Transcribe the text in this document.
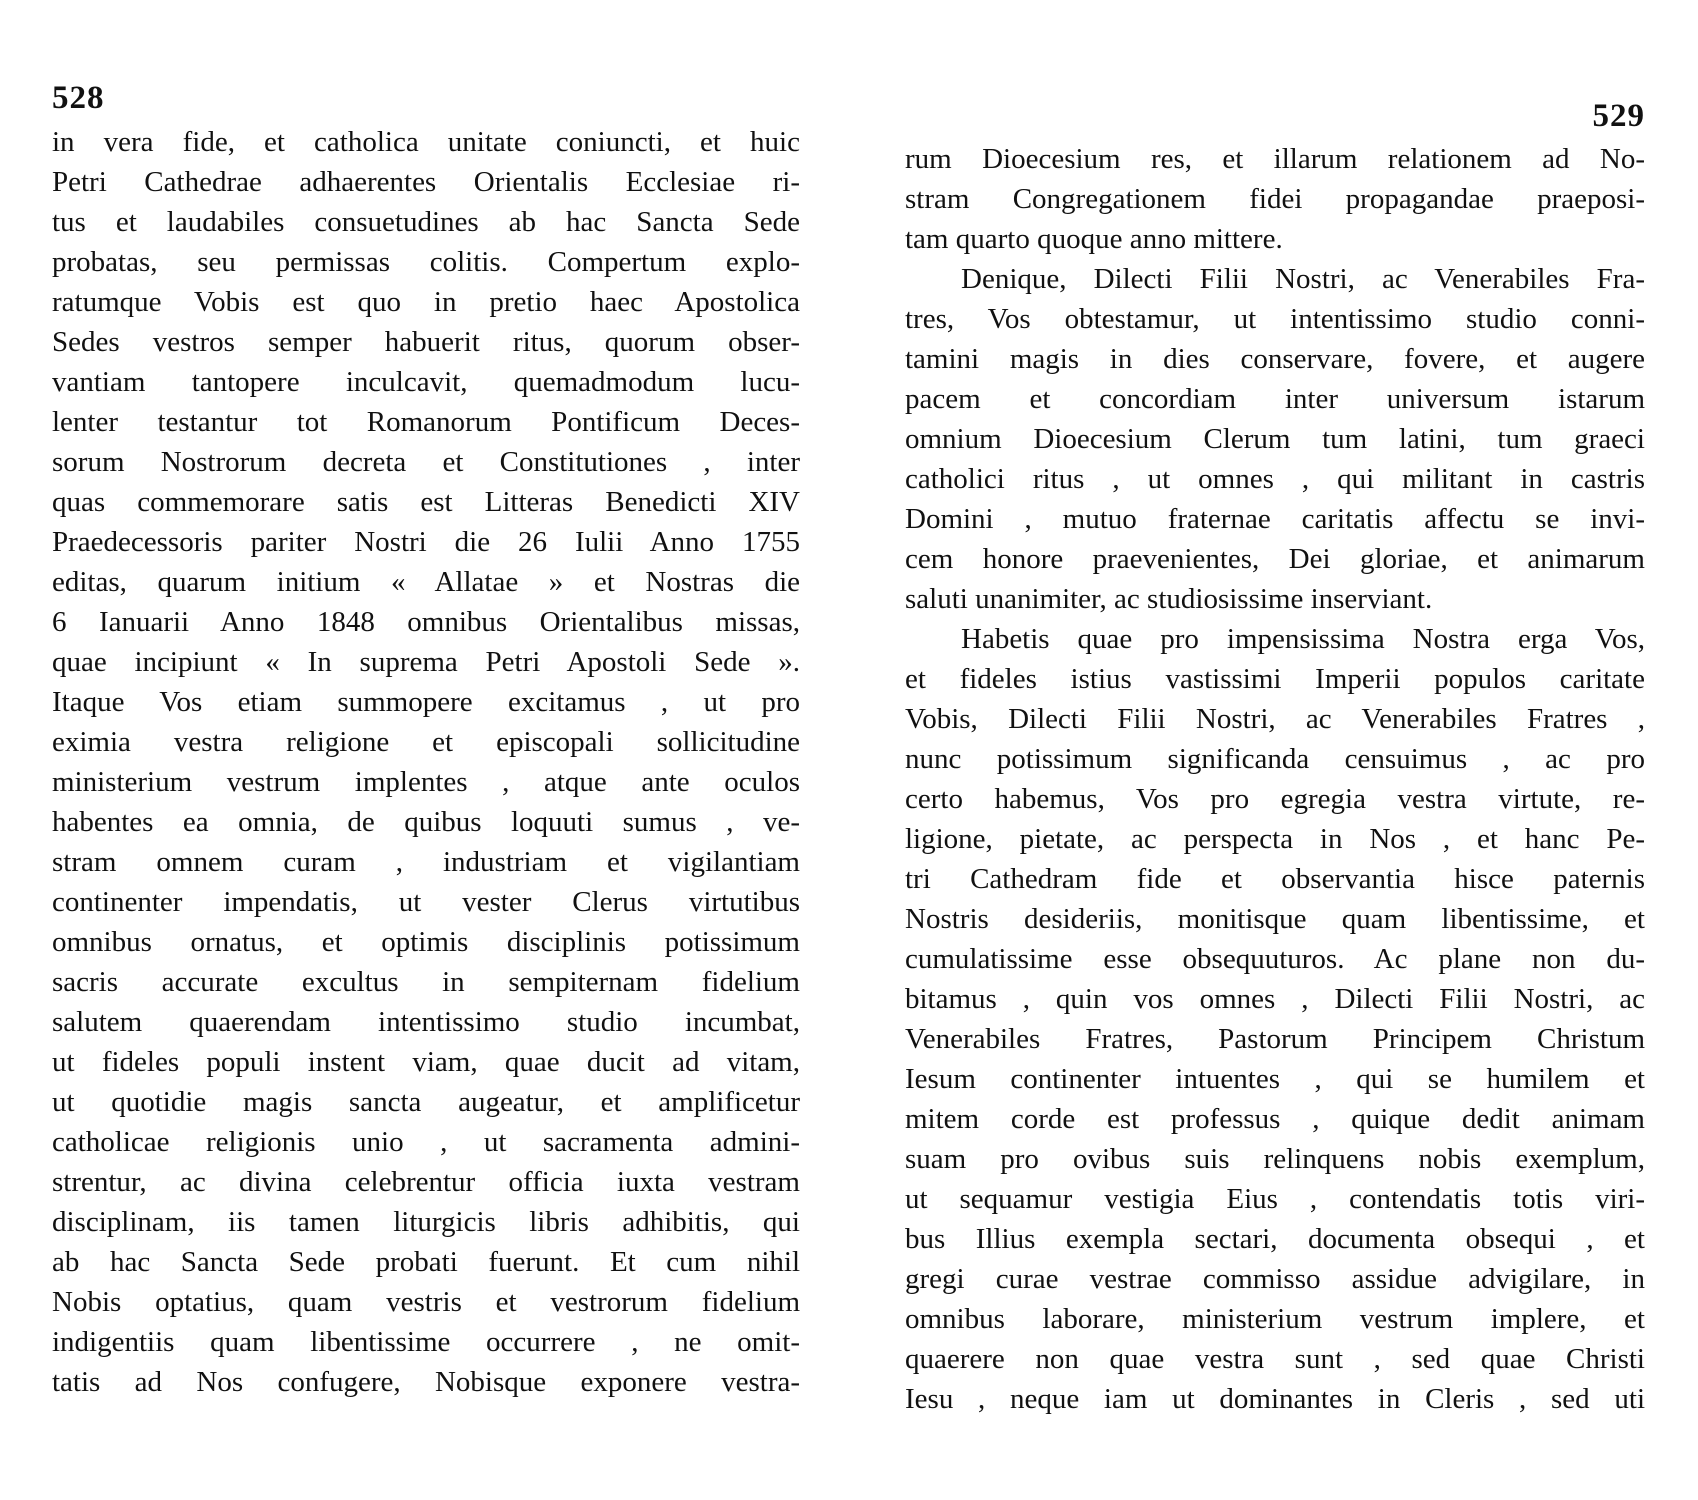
528
in vera fide, et catholica unitate coniuncti, et huic
Petri Cathedrae adhaerentes Orientalis Ecclesiae ri-
tus et laudabiles consuetudines ab hac Sancta Sede
probatas, seu permissas colitis. Compertum explo-
ratumque Vobis est quo in pretio haec Apostolica
Sedes vestros semper habuerit ritus, quorum obser-
vantiam tantopere inculcavit, quemadmodum lucu-
lenter testantur tot Romanorum Pontificum Deces-
sorum Nostrorum decreta et Constitutiones , inter
quas commemorare satis est Litteras Benedicti XIV
Praedecessoris pariter Nostri die 26 Iulii Anno 1755
editas, quarum initium « Allatae » et Nostras die
6 Ianuarii Anno 1848 omnibus Orientalibus missas,
quae incipiunt « In suprema Petri Apostoli Sede ».
Itaque Vos etiam summopere excitamus , ut pro
eximia vestra religione et episcopali sollicitudine
ministerium vestrum implentes , atque ante oculos
habentes ea omnia, de quibus loquuti sumus , ve-
stram omnem curam , industriam et vigilantiam
continenter impendatis, ut vester Clerus virtutibus
omnibus ornatus, et optimis disciplinis potissimum
sacris accurate excultus in sempiternam fidelium
salutem quaerendam intentissimo studio incumbat,
ut fideles populi instent viam, quae ducit ad vitam,
ut quotidie magis sancta augeatur, et amplificetur
catholicae religionis unio , ut sacramenta admini-
strentur, ac divina celebrentur officia iuxta vestram
disciplinam, iis tamen liturgicis libris adhibitis, qui
ab hac Sancta Sede probati fuerunt. Et cum nihil
Nobis optatius, quam vestris et vestrorum fidelium
indigentiis quam libentissime occurrere , ne omit-
tatis ad Nos confugere, Nobisque exponere vestra-
529
rum Dioecesium res, et illarum relationem ad No-
stram Congregationem fidei propagandae praeposi-
tam quarto quoque anno mittere.
Denique, Dilecti Filii Nostri, ac Venerabiles Fra-
tres, Vos obtestamur, ut intentissimo studio conni-
tamini magis in dies conservare, fovere, et augere
pacem et concordiam inter universum istarum
omnium Dioecesium Clerum tum latini, tum graeci
catholici ritus , ut omnes , qui militant in castris
Domini , mutuo fraternae caritatis affectu se invi-
cem honore praevenientes, Dei gloriae, et animarum
saluti unanimiter, ac studiosissime inserviant.
Habetis quae pro impensissima Nostra erga Vos,
et fideles istius vastissimi Imperii populos caritate
Vobis, Dilecti Filii Nostri, ac Venerabiles Fratres ,
nunc potissimum significanda censuimus , ac pro
certo habemus, Vos pro egregia vestra virtute, re-
ligione, pietate, ac perspecta in Nos , et hanc Pe-
tri Cathedram fide et observantia hisce paternis
Nostris desideriis, monitisque quam libentissime, et
cumulatissime esse obsequuturos. Ac plane non du-
bitamus , quin vos omnes , Dilecti Filii Nostri, ac
Venerabiles Fratres, Pastorum Principem Christum
Iesum continenter intuentes , qui se humilem et
mitem corde est professus , quique dedit animam
suam pro ovibus suis relinquens nobis exemplum,
ut sequamur vestigia Eius , contendatis totis viri-
bus Illius exempla sectari, documenta obsequi , et
gregi curae vestrae commisso assidue advigilare, in
omnibus laborare, ministerium vestrum implere, et
quaerere non quae vestra sunt , sed quae Christi
Iesu , neque iam ut dominantes in Cleris , sed uti
